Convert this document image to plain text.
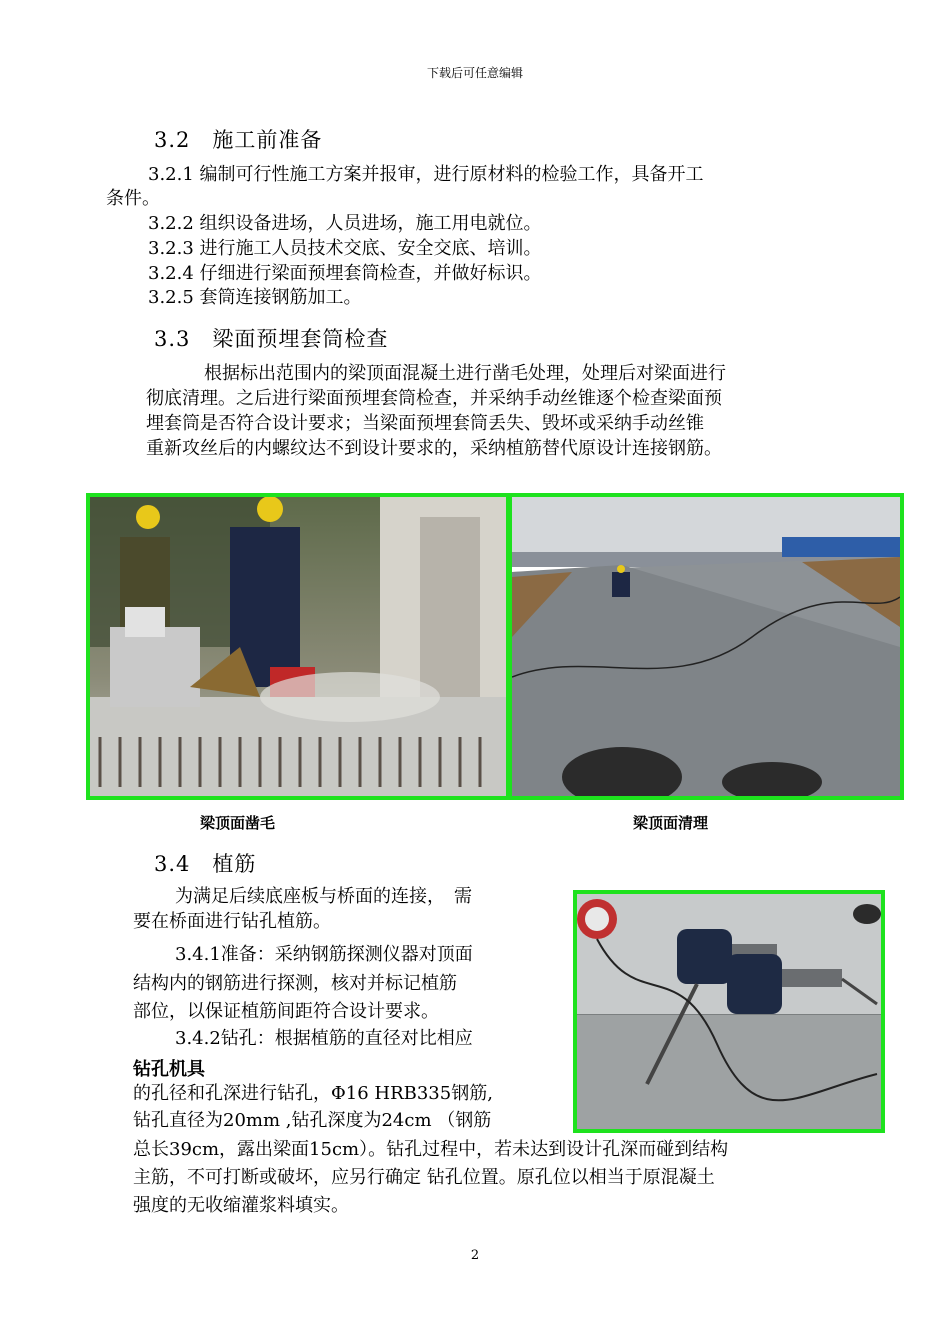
下载后可任意编辑
3.2　施工前准备
3.2.1 编制可行性施工方案并报审，进行原材料的检验工作，具备开工
条件。
3.2.2 组织设备进场，人员进场，施工用电就位。
3.2.3 进行施工人员技术交底、安全交底、培训。
3.2.4 仔细进行梁面预埋套筒检查，并做好标识。
3.2.5 套筒连接钢筋加工。
3.3　梁面预埋套筒检查
根据标出范围内的梁顶面混凝土进行凿毛处理，处理后对梁面进行
彻底清理。之后进行梁面预埋套筒检查，并采纳手动丝锥逐个检查梁面预
埋套筒是否符合设计要求；当梁面预埋套筒丢失、毁坏或采纳手动丝锥
重新攻丝后的内螺纹达不到设计要求的，采纳植筋替代原设计连接钢筋。
梁顶面凿毛	梁顶面清理
3.4　植筋
为满足后续底座板与桥面的连接，　需
要在桥面进行钻孔植筋。
3.4.1准备：采纳钢筋探测仪器对顶面
结构内的钢筋进行探测，核对并标记植筋
部位，以保证植筋间距符合设计要求。
3.4.2钻孔：根据植筋的直径对比相应
钻孔机具
的孔径和孔深进行钻孔，Φ16 HRB335钢筋,
钻孔直径为20mm ,钻孔深度为24cm （钢筋
总长39cm，露出梁面15cm）。钻孔过程中，若未达到设计孔深而碰到结构
主筋，不可打断或破坏，应另行确定 钻孔位置。原孔位以相当于原混凝土
强度的无收缩灌浆料填实。
2
